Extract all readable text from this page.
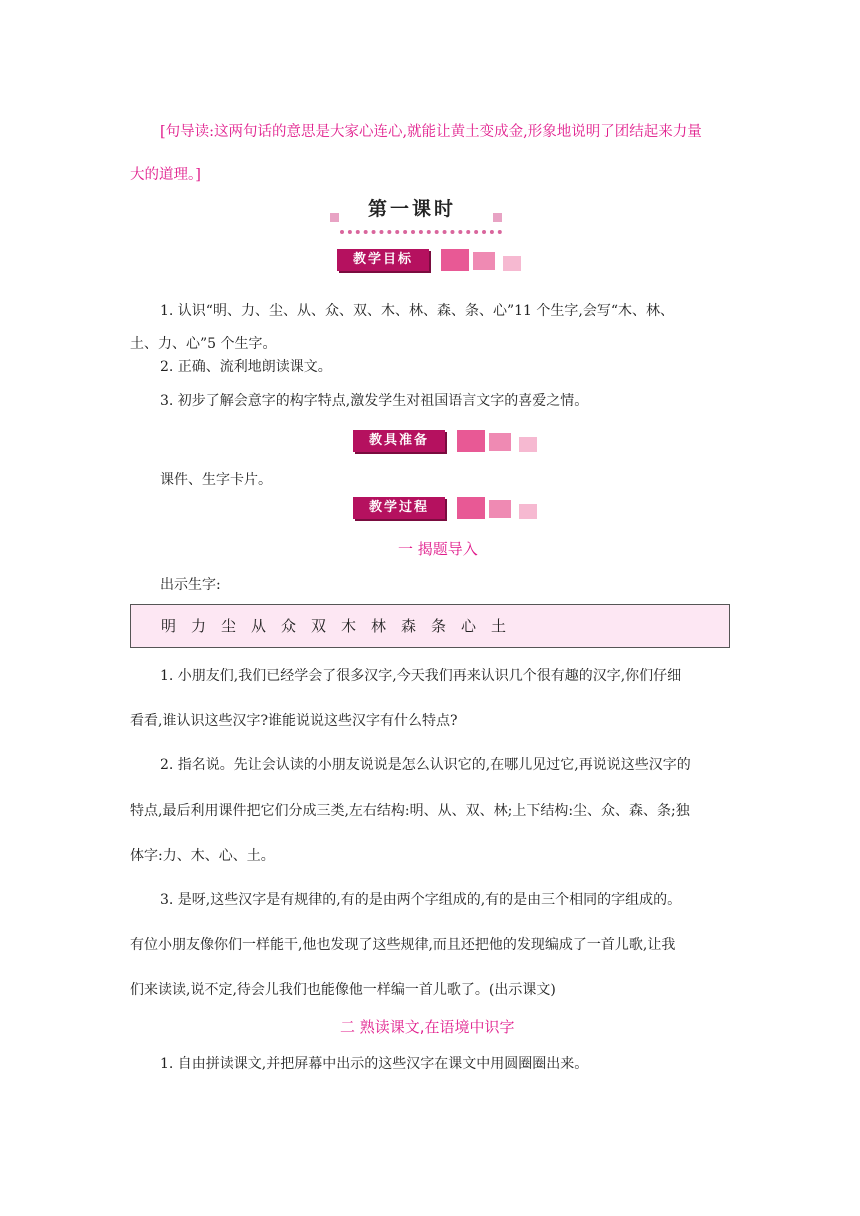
[句导读:这两句话的意思是大家心连心,就能让黄土变成金,形象地说明了团结起来力量
大的道理。]
第一课时
教学目标
1. 认识“明、力、尘、从、众、双、木、林、森、条、心”11 个生字,会写“木、林、
土、力、心”5 个生字。
2. 正确、流利地朗读课文。
3. 初步了解会意字的构字特点,激发学生对祖国语言文字的喜爱之情。
教具准备
课件、生字卡片。
教学过程
一 揭题导入
出示生字:
明 力 尘 从 众 双 木 林 森 条 心 土
1. 小朋友们,我们已经学会了很多汉字,今天我们再来认识几个很有趣的汉字,你们仔细
看看,谁认识这些汉字?谁能说说这些汉字有什么特点?
2. 指名说。先让会认读的小朋友说说是怎么认识它的,在哪儿见过它,再说说这些汉字的
特点,最后利用课件把它们分成三类,左右结构:明、从、双、林;上下结构:尘、众、森、条;独
体字:力、木、心、土。
3. 是呀,这些汉字是有规律的,有的是由两个字组成的,有的是由三个相同的字组成的。
有位小朋友像你们一样能干,他也发现了这些规律,而且还把他的发现编成了一首儿歌,让我
们来读读,说不定,待会儿我们也能像他一样编一首儿歌了。(出示课文)
二 熟读课文,在语境中识字
1. 自由拼读课文,并把屏幕中出示的这些汉字在课文中用圆圈圈出来。
